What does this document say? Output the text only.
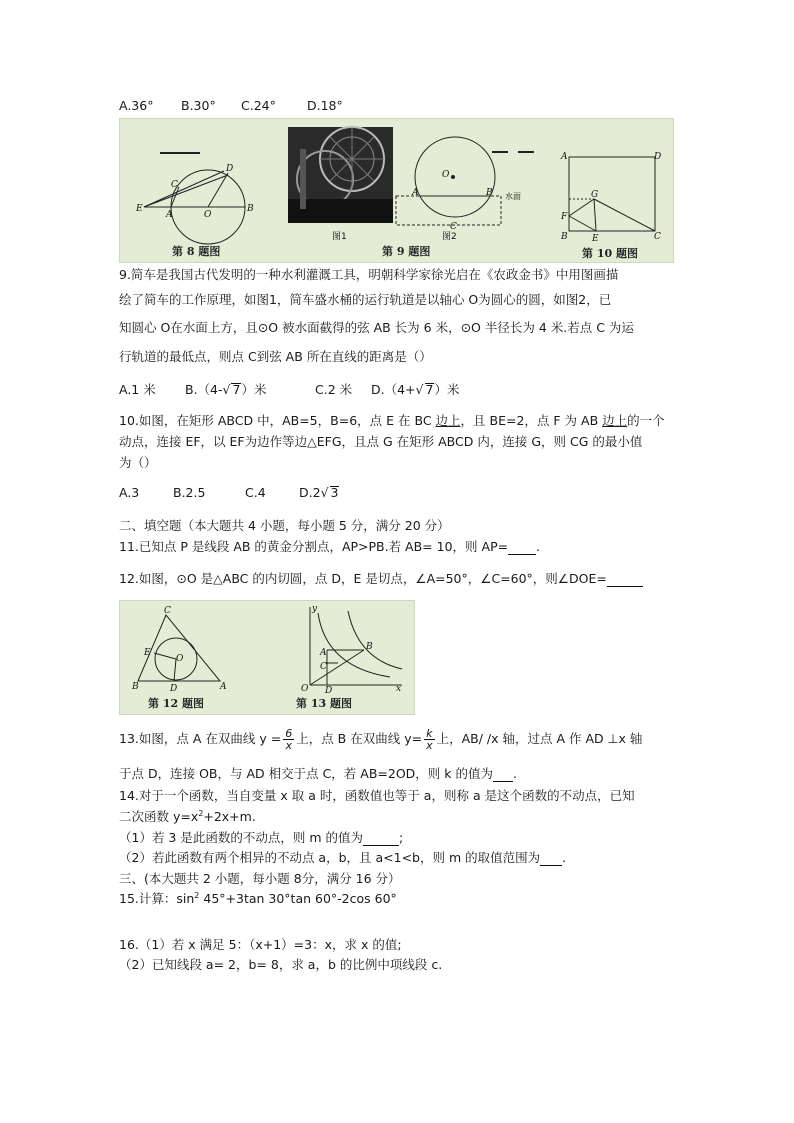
A.36° B.30° C.24° D.18°
D
C
E
A	O
B
第 8 题图
图1
O
A	B
C
水面
图2
第 9 题图
A	D
G
F
B	E	C
第 10 题图
9.简车是我国古代发明的一种水利灌溉工具，明朝科学家徐光启在《农政金书》中用图画描
绘了简车的工作原理，如图1，简车盛水桶的运行轨道是以轴心 O为圆心的圆，如图2，已
知圆心 O在水面上方，且⊙O 被水面截得的弦 AB 长为 6 米，⊙O 半径长为 4 米.若点 C 为运
行轨道的最低点，则点 C到弦 AB 所在直线的距离是（）
A.1 米 B.（4-√ 7）米	C.2 米 D.（4+√ 7）米
10.如图，在矩形 ABCD 中，AB=5，B=6，点 E 在 BC 边上，且 BE=2，点 F 为 AB 边上的一个
动点，连接 EF，以 EF为边作等边△EFG，且点 G 在矩形 ABCD 内，连接 G，则 CG 的最小值
为（）
A.3	B.2.5	C.4	D.2√ 3
二、填空题（本大题共 4 小题，每小题 5 分，满分 20 分）
11.已知点 P 是线段 AB 的黄金分割点，AP>PB.若 AB= 10，则 AP= .
12.如图，⊙O 是△ABC 的内切圆，点 D，E 是切点，∠A=50°，∠C=60°，则∠DOE=
C
E
O
B	D	A
第 12 题图
y
A
B
C
O D	x
第 13 题图
13.如图，点 A 在双曲线 $y = \frac{6}{x}$ 上，点 B 在双曲线 $y= \frac{k}{x}$ 上，AB/ /x 轴，过点 A 作 AD ⊥x 轴
于点 D，连接 OB，与 AD 相交于点 C，若 AB=2OD，则 k 的值为 .
14.对于一个函数，当自变量 x 取 a 时，函数值也等于 a，则称 a 是这个函数的不动点，已知
二次函数 $y=x^2+2x+m$.
（1）若 3 是此函数的不动点，则 m 的值为	;
（2）若此函数有两个相异的不动点 a，b，且 a<1<b，则 m 的取值范围为 .
三、(本大题共 2 小题，每小题 8分，满分 16 分）
15.计算：$\sin^2 45^\circ+3\tan$ 30°tan 60°-2cos 60°
16.（1）若 x 满足 5：（x+1）=3：x，求 x 的值;
（2）已知线段 a= 2，b= 8，求 a，b 的比例中项线段 c.
